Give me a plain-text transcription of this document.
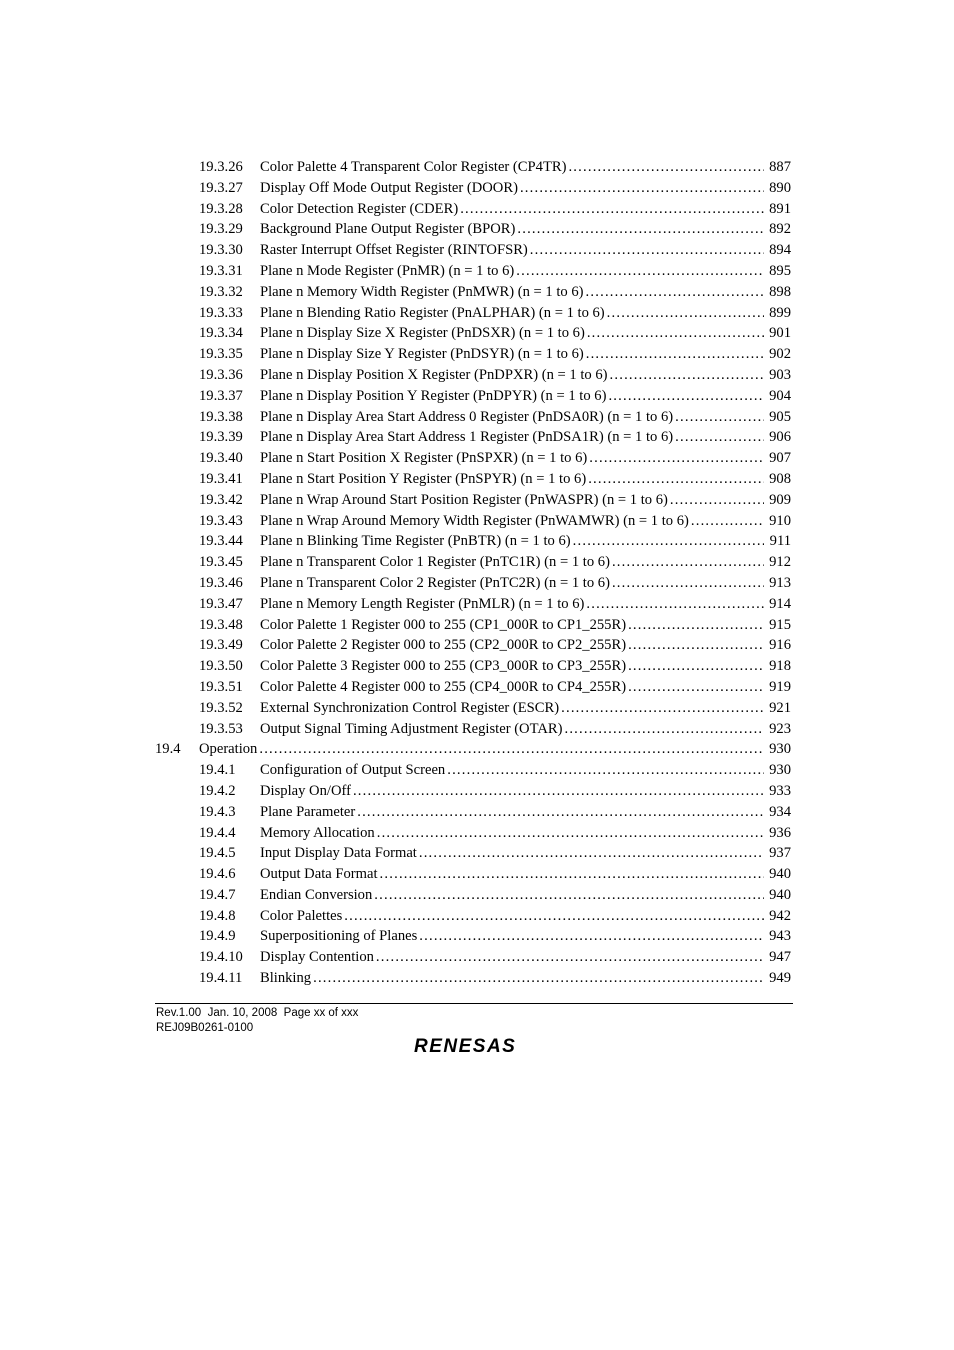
19.3.26	Color Palette 4 Transparent Color Register (CP4TR) .....	887
19.3.27	Display Off Mode Output Register (DOOR) .....	890
19.3.28	Color Detection Register (CDER) .....	891
19.3.29	Background Plane Output Register (BPOR) .....	892
19.3.30	Raster Interrupt Offset Register (RINTOFSR) .....	894
19.3.31	Plane n Mode Register (PnMR) (n = 1 to 6) .....	895
19.3.32	Plane n Memory Width Register (PnMWR) (n = 1 to 6) .....	898
19.3.33	Plane n Blending Ratio Register (PnALPHAR) (n = 1 to 6) .....	899
19.3.34	Plane n Display Size X Register (PnDSXR) (n = 1 to 6) .....	901
19.3.35	Plane n Display Size Y Register (PnDSYR) (n = 1 to 6) .....	902
19.3.36	Plane n Display Position X Register (PnDPXR) (n = 1 to 6) .....	903
19.3.37	Plane n Display Position Y Register (PnDPYR) (n = 1 to 6) .....	904
19.3.38	Plane n Display Area Start Address 0 Register (PnDSA0R) (n = 1 to 6) .....	905
19.3.39	Plane n Display Area Start Address 1 Register (PnDSA1R) (n = 1 to 6) .....	906
19.3.40	Plane n Start Position X Register (PnSPXR) (n = 1 to 6) .....	907
19.3.41	Plane n Start Position Y Register (PnSPYR) (n = 1 to 6) .....	908
19.3.42	Plane n Wrap Around Start Position Register (PnWASPR) (n = 1 to 6) .....	909
19.3.43	Plane n Wrap Around Memory Width Register (PnWAMWR) (n = 1 to 6) .....	910
19.3.44	Plane n Blinking Time Register (PnBTR) (n = 1 to 6) .....	911
19.3.45	Plane n Transparent Color 1 Register (PnTC1R) (n = 1 to 6) .....	912
19.3.46	Plane n Transparent Color 2 Register (PnTC2R) (n = 1 to 6) .....	913
19.3.47	Plane n Memory Length Register (PnMLR) (n = 1 to 6) .....	914
19.3.48	Color Palette 1 Register 000 to 255 (CP1_000R to CP1_255R) .....	915
19.3.49	Color Palette 2 Register 000 to 255 (CP2_000R to CP2_255R) .....	916
19.3.50	Color Palette 3 Register 000 to 255 (CP3_000R to CP3_255R) .....	918
19.3.51	Color Palette 4 Register 000 to 255 (CP4_000R to CP4_255R) .....	919
19.3.52	External Synchronization Control Register (ESCR) .....	921
19.3.53	Output Signal Timing Adjustment Register (OTAR) .....	923
19.4	Operation .....	930
19.4.1	Configuration of Output Screen .....	930
19.4.2	Display On/Off .....	933
19.4.3	Plane Parameter .....	934
19.4.4	Memory Allocation .....	936
19.4.5	Input Display Data Format .....	937
19.4.6	Output Data Format .....	940
19.4.7	Endian Conversion .....	940
19.4.8	Color Palettes .....	942
19.4.9	Superpositioning of Planes .....	943
19.4.10	Display Contention .....	947
19.4.11	Blinking .....	949
Rev.1.00  Jan. 10, 2008  Page xx of xxx
REJ09B0261-0100
RENESAS
